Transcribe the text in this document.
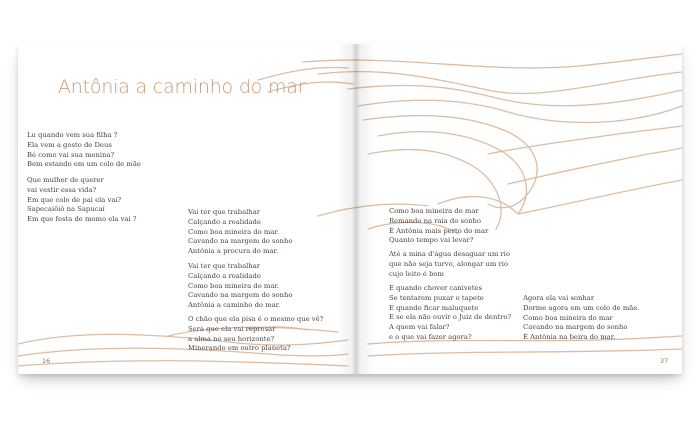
Antônia a caminho do mar
Lu quando vem sua filha ?
Ela vem a gosto de Deus
Bé como vai sua menina?
Bem estando em um colo de mãe
Que mulher de querer
vai vestir essa vida?
Em que colo de pai ela vai?
Sapecaiôiô na Sapucaí
Em que festa de momo ela vai ?
Vai ter que trabalhar
Calçando a realidade
Como boa mineira do mar.
Cavando na margem do sonho
Antônia a procura do mar.
Vai ter que trabalhar
Calçando a realidade
Como boa mineira do mar.
Cavando na margem do sonho
Antônia a caminho do mar.
O chão que ela pisa é o mesmo que vê?
Será que ela vai represar
a alma no seu horizonte?
Minerando em outro planeta?
Como boa mineira do mar
Remando na raia do sonho
É Antônia mais perto do mar
Quanto tempo vai levar?
Até a mina d'água desaguar um rio
que não seja turvo, alongar um rio
cujo leito é bom
E quando chover canivetes
Se tentarem puxar o tapete
E quando ficar maluquete
E se ela não ouvir o Juiz de dentro?
A quem vai falar?
e o que vai fazer agora?
Agora ela vai sonhar
Dorme agora em um colo de mãe.
Como boa mineira do mar
Cavando na margem do sonho
É Antônia na beira do mar.
16	37
